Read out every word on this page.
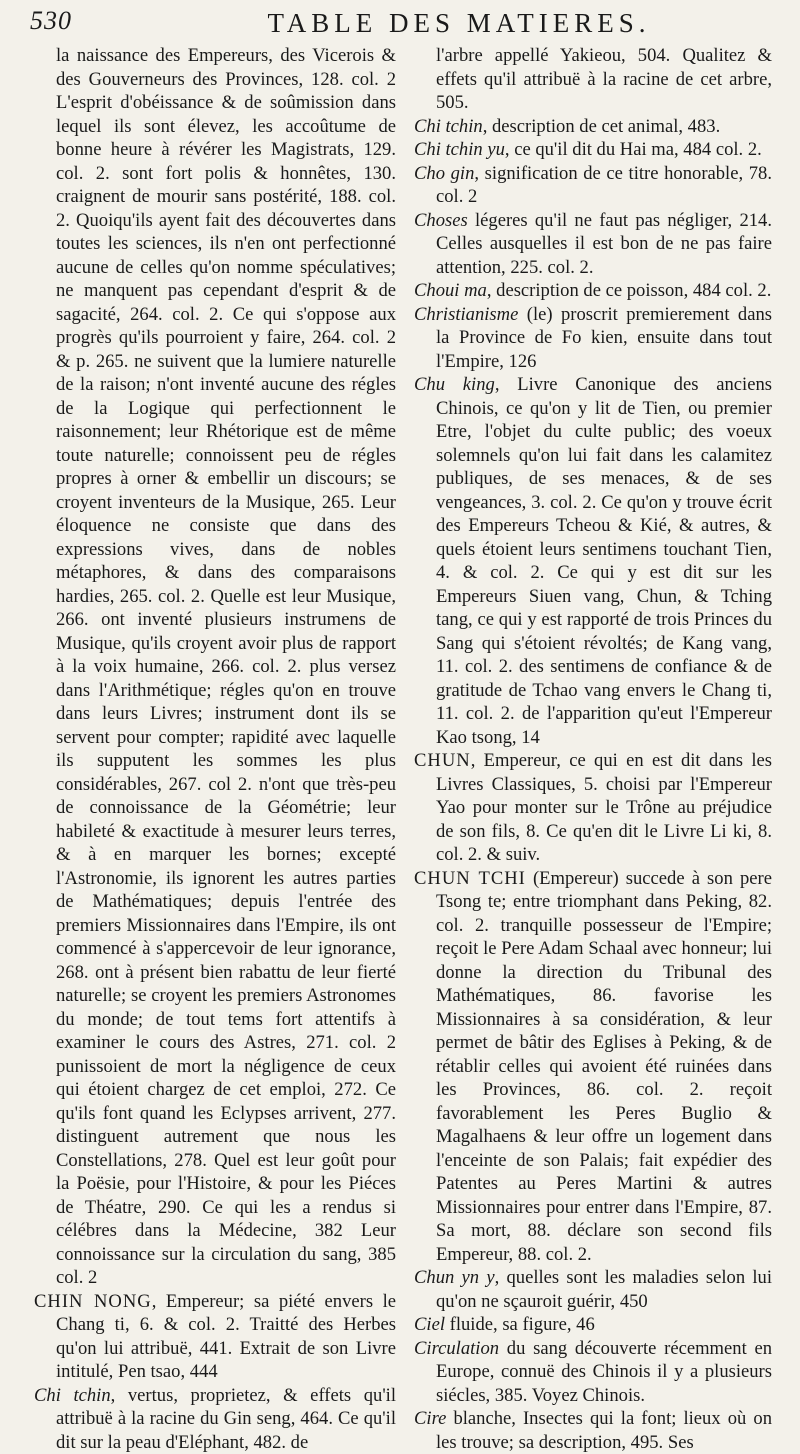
530	TABLE DES MATIERES.

la naissance des Empereurs, des Vicerois & des Gouverneurs des Provinces, 128. col. 2 L'esprit d'obéissance & de soûmission dans lequel ils sont élevez, les accoûtume de bonne heure à révérer les Magistrats, 129. col. 2. sont fort polis & honnêtes, 130. craignent de mourir sans postérité, 188. col. 2. Quoiqu'ils ayent fait des découvertes dans toutes les sciences, ils n'en ont perfectionné aucune de celles qu'on nomme spéculatives; ne manquent pas cependant d'esprit & de sagacité, 264. col. 2. Ce qui s'oppose aux progrès qu'ils pourroient y faire, 264. col. 2 & p. 265. ne suivent que la lumiere naturelle de la raison; n'ont inventé aucune des régles de la Logique qui perfectionnent le raisonnement; leur Rhétorique est de même toute naturelle; connoissent peu de régles propres à orner & embellir un discours; se croyent inventeurs de la Musique, 265. Leur éloquence ne consiste que dans des expressions vives, dans de nobles métaphores, & dans des comparaisons hardies, 265. col. 2. Quelle est leur Musique, 266. ont inventé plusieurs instrumens de Musique, qu'ils croyent avoir plus de rapport à la voix humaine, 266. col. 2. plus versez dans l'Arithmétique; régles qu'on en trouve dans leurs Livres; instrument dont ils se servent pour compter; rapidité avec laquelle ils supputent les sommes les plus considérables, 267. col 2. n'ont que très-peu de connoissance de la Géométrie; leur habileté & exactitude à mesurer leurs terres, & à en marquer les bornes; excepté l'Astronomie, ils ignorent les autres parties de Mathématiques; depuis l'entrée des premiers Missionnaires dans l'Empire, ils ont commencé à s'appercevoir de leur ignorance, 268. ont à présent bien rabattu de leur fierté naturelle; se croyent les premiers Astronomes du monde; de tout tems fort attentifs à examiner le cours des Astres, 271. col. 2 punissoient de mort la négligence de ceux qui étoient chargez de cet emploi, 272. Ce qu'ils font quand les Eclypses arrivent, 277. distinguent autrement que nous les Constellations, 278. Quel est leur goût pour la Poësie, pour l'Histoire, & pour les Piéces de Théatre, 290. Ce qui les a rendus si célébres dans la Médecine, 382 Leur connoissance sur la circulation du sang, 385 col. 2

CHIN NONG, Empereur; sa piété envers le Chang ti, 6. & col. 2. Traitté des Herbes qu'on lui attribuë, 441. Extrait de son Livre intitulé, Pen tsao, 444

Chi tchin, vertus, proprietez, & effets qu'il attribuë à la racine du Gin seng, 464. Ce qu'il dit sur la peau d'Eléphant, 482. de

l'arbre appellé Yakieou, 504. Qualitez & effets qu'il attribuë à la racine de cet arbre, 505.

Chi tchin, description de cet animal, 483.

Chi tchin yu, ce qu'il dit du Hai ma, 484 col. 2.

Cho gin, signification de ce titre honorable, 78. col. 2

Choses légeres qu'il ne faut pas négliger, 214. Celles ausquelles il est bon de ne pas faire attention, 225. col. 2.

Choui ma, description de ce poisson, 484 col. 2.

Christianisme (le) proscrit premierement dans la Province de Fo kien, ensuite dans tout l'Empire, 126

Chu king, Livre Canonique des anciens Chinois, ce qu'on y lit de Tien, ou premier Etre, l'objet du culte public; des voeux solemnels qu'on lui fait dans les calamitez publiques, de ses menaces, & de ses vengeances, 3. col. 2. Ce qu'on y trouve écrit des Empereurs Tcheou & Kié, & autres, & quels étoient leurs sentimens touchant Tien, 4. & col. 2. Ce qui y est dit sur les Empereurs Siuen vang, Chun, & Tching tang, ce qui y est rapporté de trois Princes du Sang qui s'étoient révoltés; de Kang vang, 11. col. 2. des sentimens de confiance & de gratitude de Tchao vang envers le Chang ti, 11. col. 2. de l'apparition qu'eut l'Empereur Kao tsong, 14

CHUN, Empereur, ce qui en est dit dans les Livres Classiques, 5. choisi par l'Empereur Yao pour monter sur le Trône au préjudice de son fils, 8. Ce qu'en dit le Livre Li ki, 8. col. 2. & suiv.

CHUN TCHI (Empereur) succede à son pere Tsong te; entre triomphant dans Peking, 82. col. 2. tranquille possesseur de l'Empire; reçoit le Pere Adam Schaal avec honneur; lui donne la direction du Tribunal des Mathématiques, 86. favorise les Missionnaires à sa considération, & leur permet de bâtir des Eglises à Peking, & de rétablir celles qui avoient été ruinées dans les Provinces, 86. col. 2. reçoit favorablement les Peres Buglio & Magalhaens & leur offre un logement dans l'enceinte de son Palais; fait expédier des Patentes au Peres Martini & autres Missionnaires pour entrer dans l'Empire, 87. Sa mort, 88. déclare son second fils Empereur, 88. col. 2.

Chun yn y, quelles sont les maladies selon lui qu'on ne sçauroit guérir, 450

Ciel fluide, sa figure, 46

Circulation du sang découverte récemment en Europe, connuë des Chinois il y a plusieurs siécles, 385. Voyez Chinois.

Cire blanche, Insectes qui la font; lieux où on les trouve; sa description, 495. Ses
